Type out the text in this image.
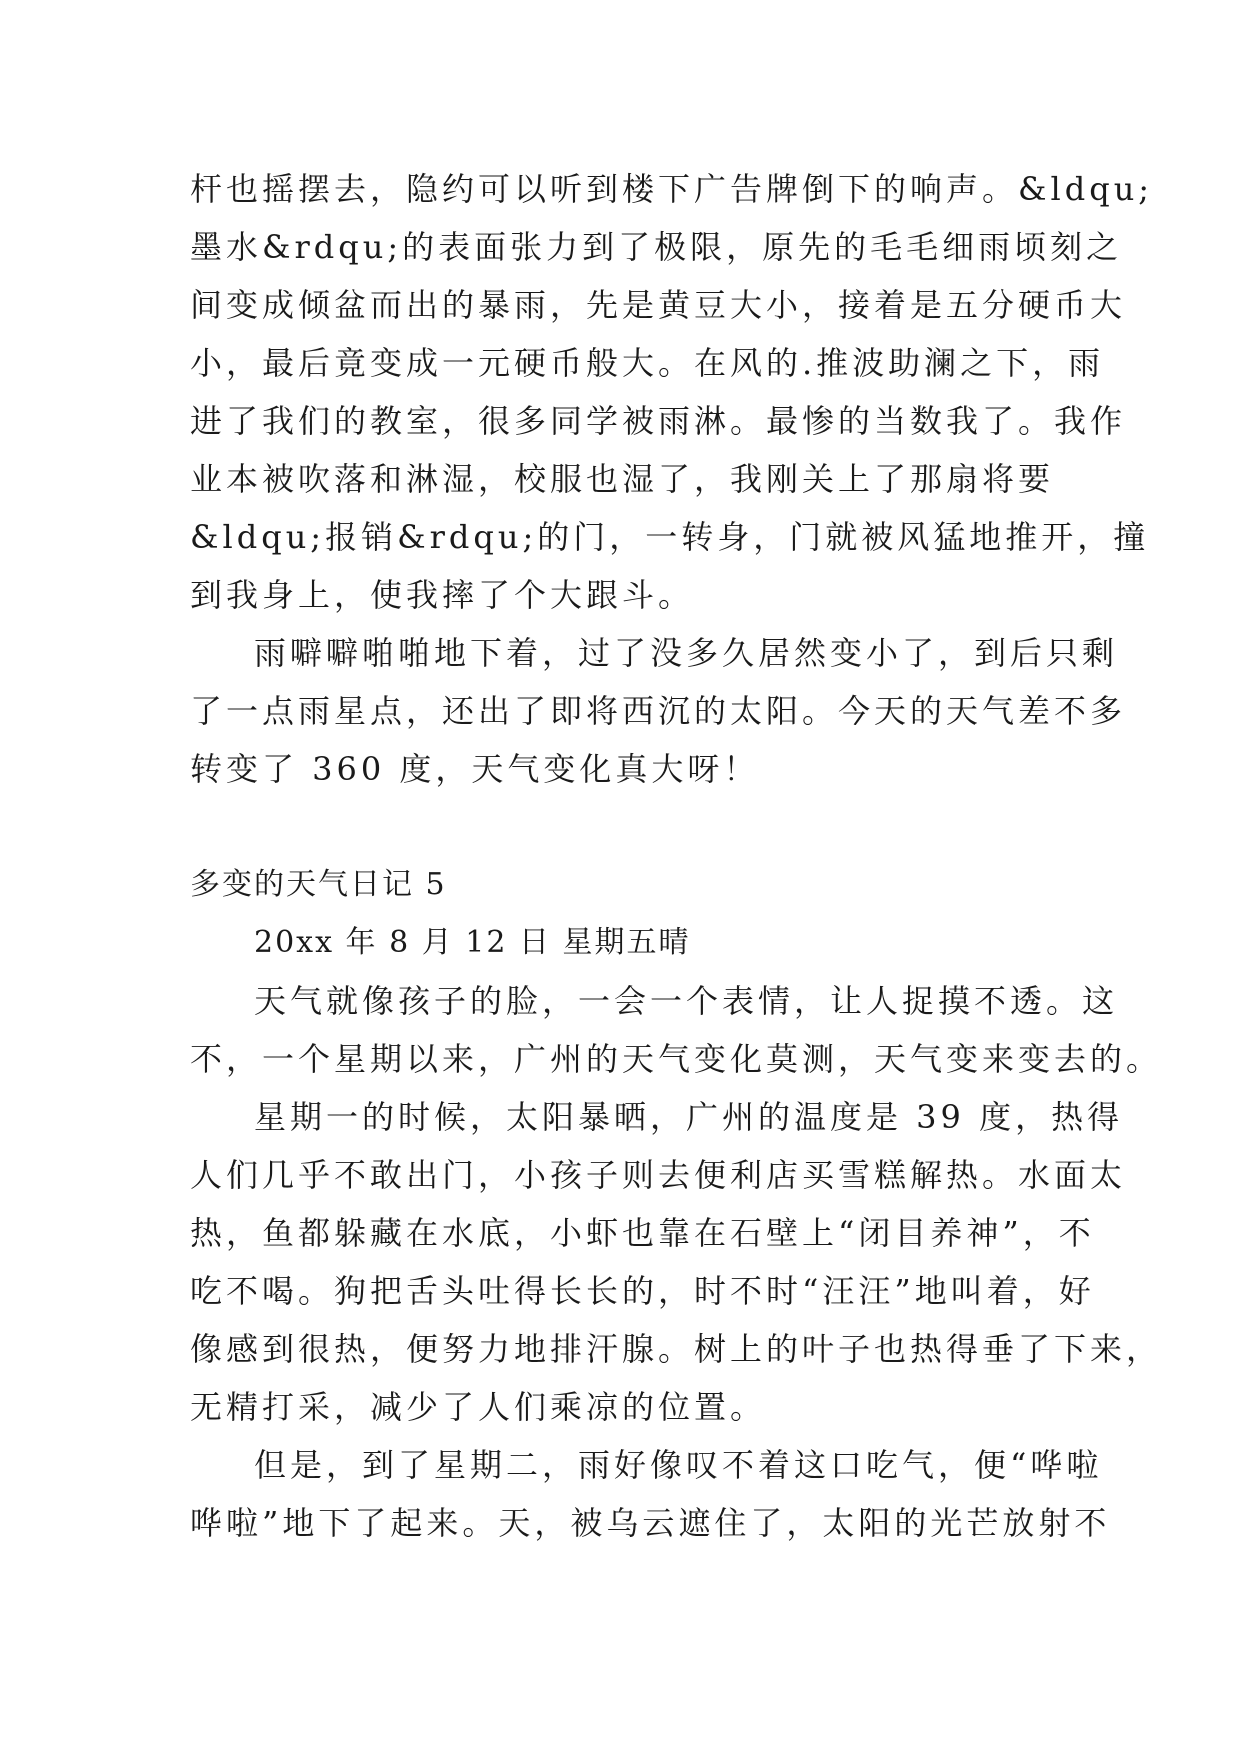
杆也摇摆去，隐约可以听到楼下广告牌倒下的响声。&ldqu;
墨水&rdqu;的表面张力到了极限，原先的毛毛细雨顷刻之
间变成倾盆而出的暴雨，先是黄豆大小，接着是五分硬币大
小，最后竟变成一元硬币般大。在风的.推波助澜之下，雨
进了我们的教室，很多同学被雨淋。最惨的当数我了。我作
业本被吹落和淋湿，校服也湿了，我刚关上了那扇将要
&ldqu;报销&rdqu;的门，一转身，门就被风猛地推开，撞
到我身上，使我摔了个大跟斗。
雨噼噼啪啪地下着，过了没多久居然变小了，到后只剩
了一点雨星点，还出了即将西沉的太阳。今天的天气差不多
转变了 360 度，天气变化真大呀！
多变的天气日记 5
20xx 年 8 月 12 日 星期五晴
天气就像孩子的脸，一会一个表情，让人捉摸不透。这
不，一个星期以来，广州的天气变化莫测，天气变来变去的。
星期一的时候，太阳暴晒，广州的温度是 39 度，热得
人们几乎不敢出门，小孩子则去便利店买雪糕解热。水面太
热，鱼都躲藏在水底，小虾也靠在石壁上“闭目养神”，不
吃不喝。狗把舌头吐得长长的，时不时“汪汪”地叫着，好
像感到很热，便努力地排汗腺。树上的叶子也热得垂了下来，
无精打采，减少了人们乘凉的位置。
但是，到了星期二，雨好像叹不着这口吃气，便“哗啦
哗啦”地下了起来。天，被乌云遮住了，太阳的光芒放射不
